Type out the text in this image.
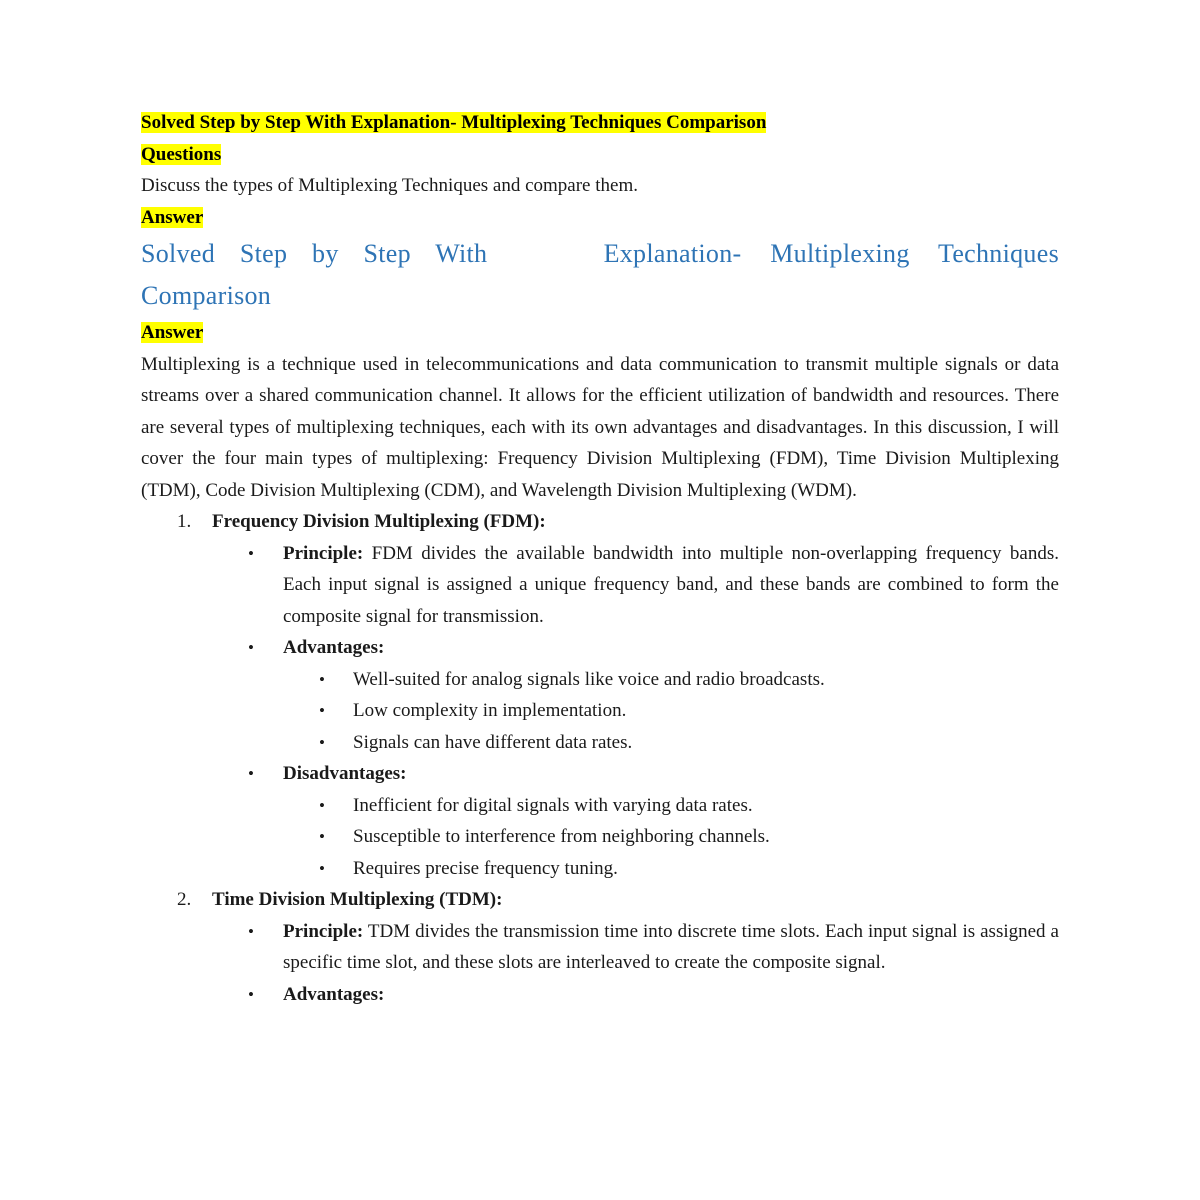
Solved Step by Step With Explanation- Multiplexing Techniques Comparison
Questions
Discuss the types of Multiplexing Techniques and compare them.
Answer
Solved Step by Step With	Explanation- Multiplexing Techniques
Comparison
Answer
Multiplexing is a technique used in telecommunications and data communication to transmit multiple signals or data streams over a shared communication channel. It allows for the efficient utilization of bandwidth and resources. There are several types of multiplexing techniques, each with its own advantages and disadvantages. In this discussion, I will cover the four main types of multiplexing: Frequency Division Multiplexing (FDM), Time Division Multiplexing (TDM), Code Division Multiplexing (CDM), and Wavelength Division Multiplexing (WDM).
1. Frequency Division Multiplexing (FDM):
• Principle: FDM divides the available bandwidth into multiple non-overlapping frequency bands. Each input signal is assigned a unique frequency band, and these bands are combined to form the composite signal for transmission.
• Advantages:
• Well-suited for analog signals like voice and radio broadcasts.
• Low complexity in implementation.
• Signals can have different data rates.
• Disadvantages:
• Inefficient for digital signals with varying data rates.
• Susceptible to interference from neighboring channels.
• Requires precise frequency tuning.
2. Time Division Multiplexing (TDM):
• Principle: TDM divides the transmission time into discrete time slots. Each input signal is assigned a specific time slot, and these slots are interleaved to create the composite signal.
• Advantages:
